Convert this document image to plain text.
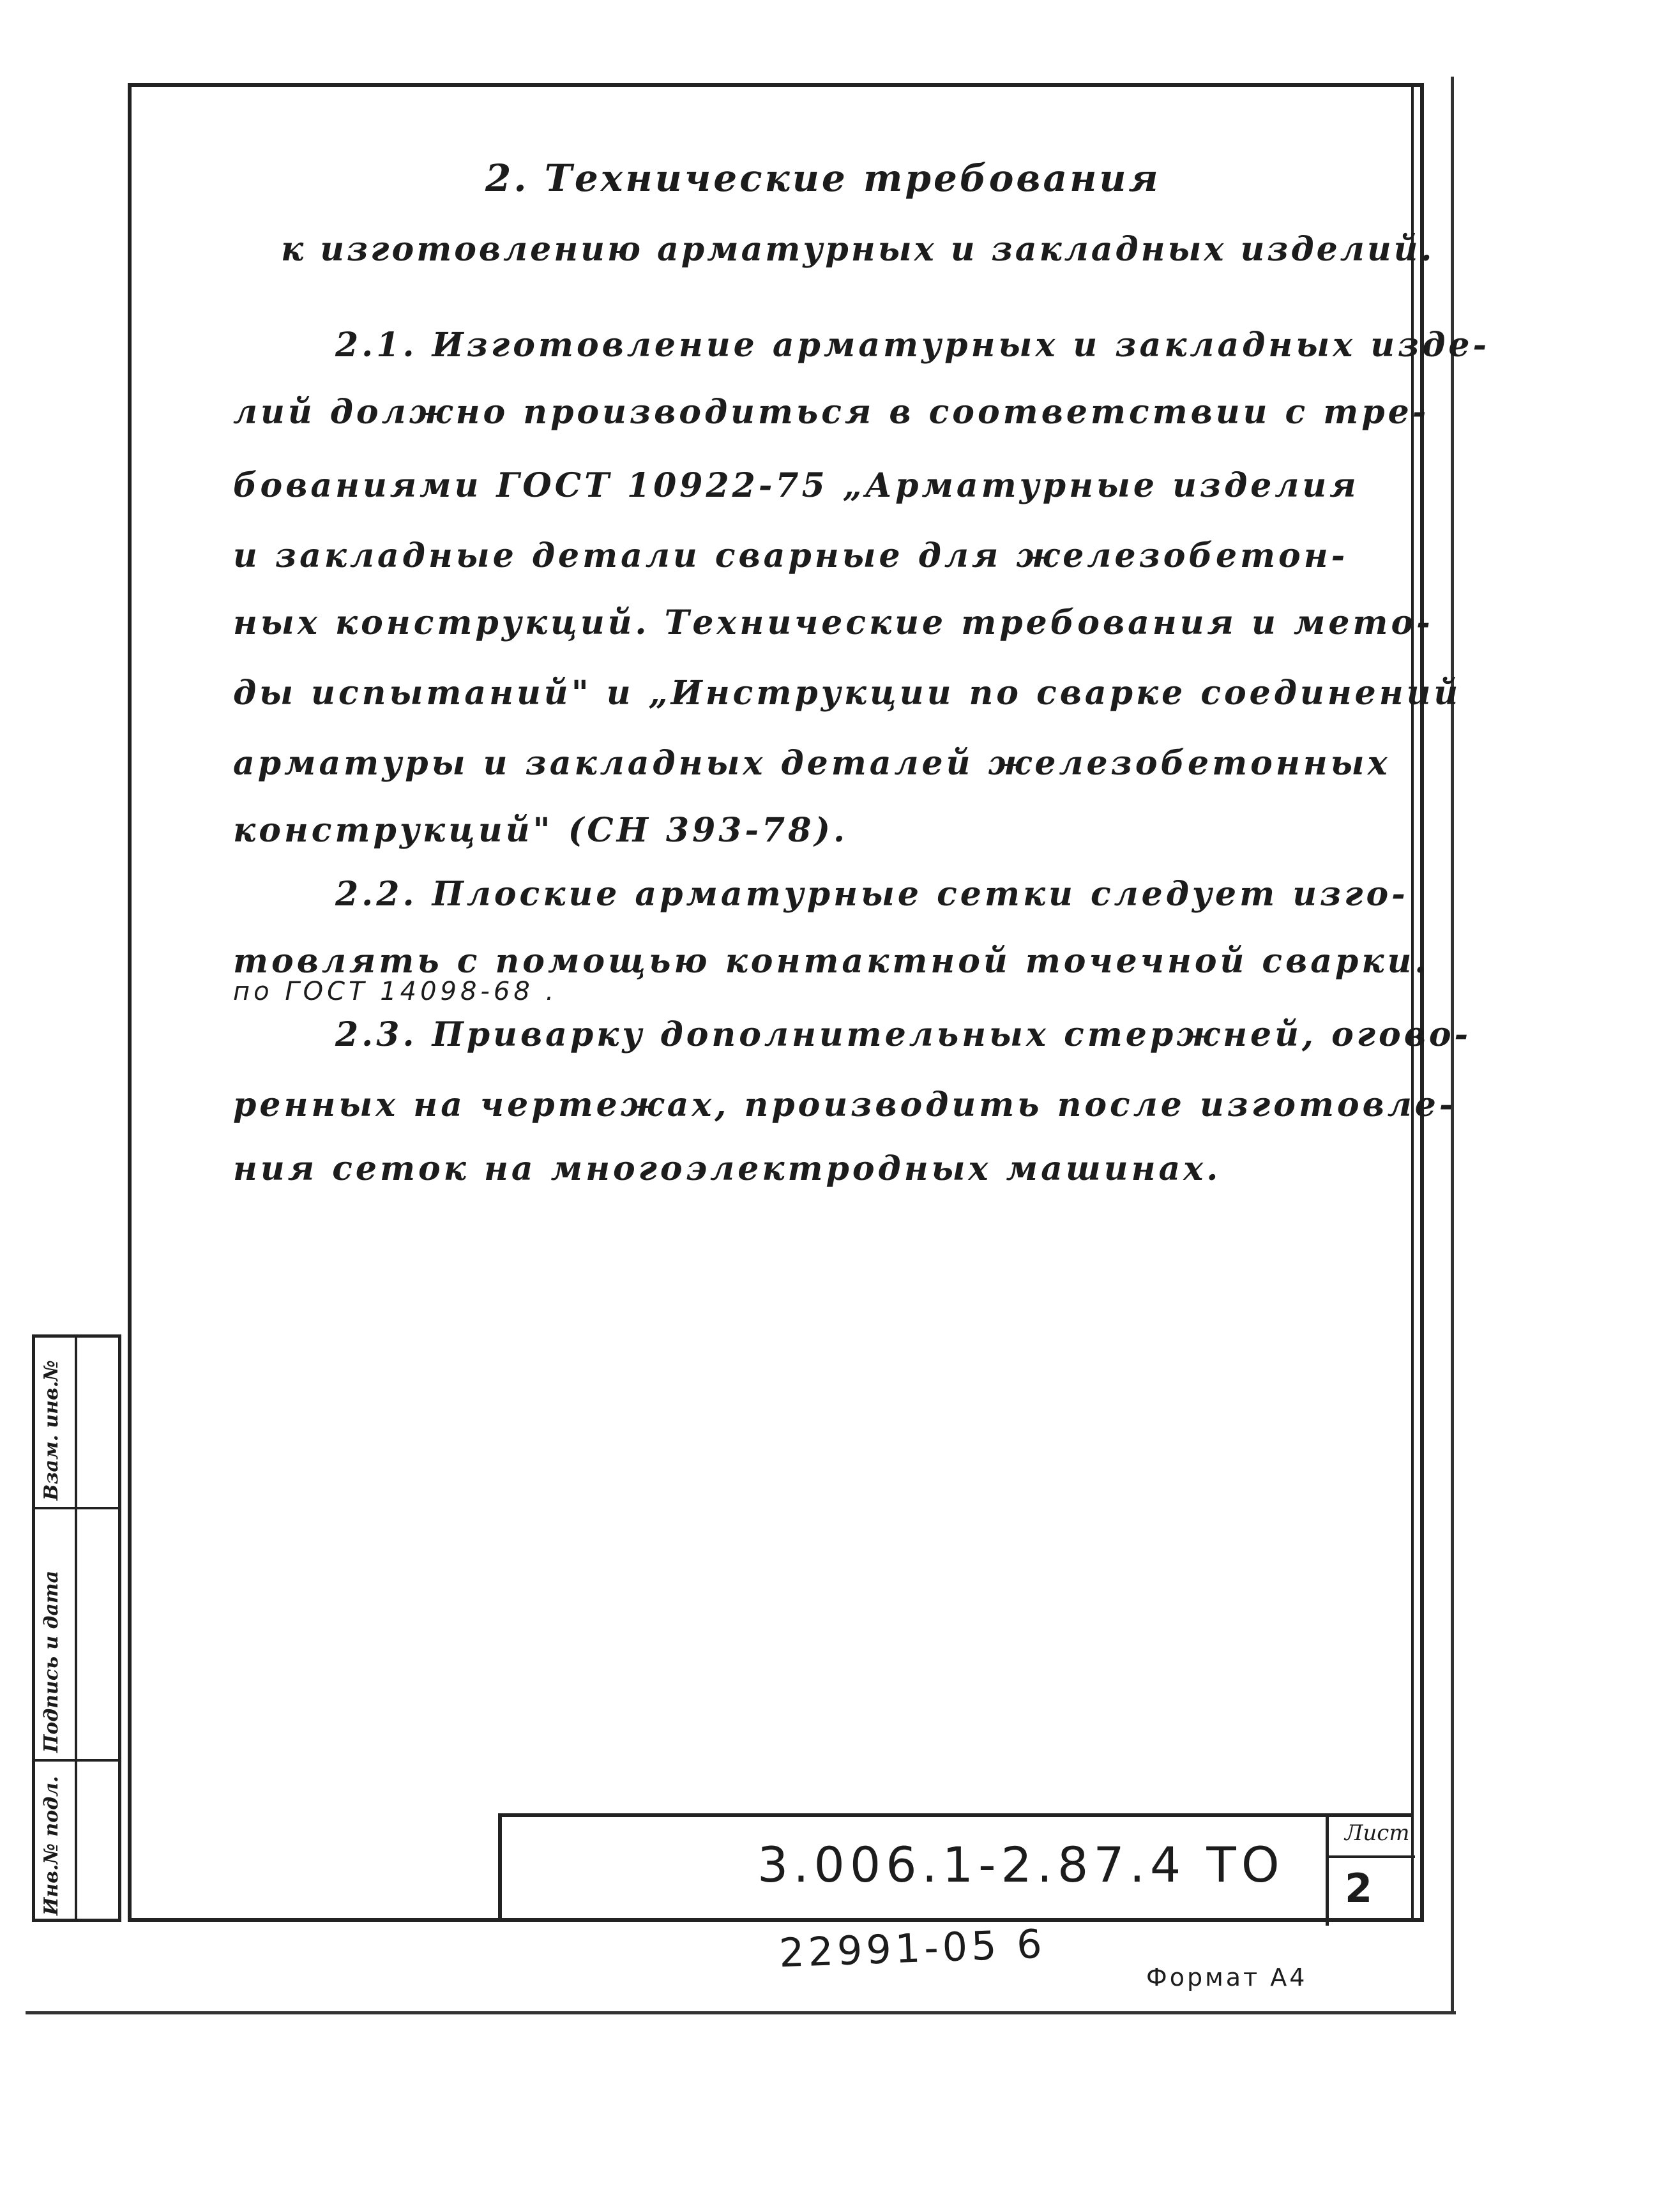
Инв.№ подл.
Подпись и дата
Взам. инв.№
2. Технические требования
к изготовлению арматурных и закладных изделий.
2.1. Изготовление арматурных и закладных изде-
лий должно производиться в соответствии с тре-
бованиями ГОСТ 10922-75 „Арматурные изделия
и закладные детали сварные для железобетон-
ных конструкций. Технические требования и мето-
ды испытаний" и „Инструкции по сварке соединений
арматуры и закладных деталей железобетонных
конструкций" (СН 393-78).
2.2. Плоские арматурные сетки следует изго-
товлять с помощью контактной точечной сварки.
по ГОСТ 14098-68 .
2.3. Приварку дополнительных стержней, огово-
ренных на чертежах, производить после изготовле-
ния сеток на многоэлектродных машинах.
3.006.1-2.87.4 ТО
Лист
2
22991-05 6
Формат А4
